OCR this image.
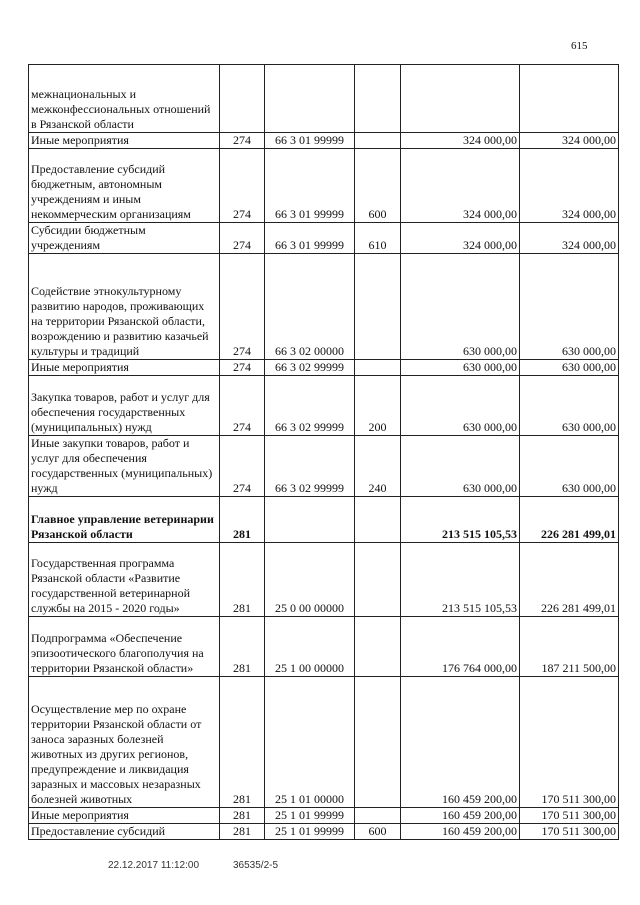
615
межнациональных и межконфессиональных отношений в Рязанской области					
Иные мероприятия	274	66 3 01 99999		324 000,00	324 000,00
Предоставление субсидий бюджетным, автономным учреждениям и иным некоммерческим организациям	274	66 3 01 99999	600	324 000,00	324 000,00
Субсидии бюджетным учреждениям	274	66 3 01 99999	610	324 000,00	324 000,00
Содействие этнокультурному развитию народов, проживающих на территории Рязанской области, возрождению и развитию казачьей культуры и традиций	274	66 3 02 00000		630 000,00	630 000,00
Иные мероприятия	274	66 3 02 99999		630 000,00	630 000,00
Закупка товаров, работ и услуг для обеспечения государственных (муниципальных) нужд	274	66 3 02 99999	200	630 000,00	630 000,00
Иные закупки товаров, работ и услуг для обеспечения государственных (муниципальных) нужд	274	66 3 02 99999	240	630 000,00	630 000,00
Главное управление ветеринарии Рязанской области	281			213 515 105,53	226 281 499,01
Государственная программа Рязанской области «Развитие государственной ветеринарной службы на 2015 - 2020 годы»	281	25 0 00 00000		213 515 105,53	226 281 499,01
Подпрограмма «Обеспечение эпизоотического благополучия на территории Рязанской области»	281	25 1 00 00000		176 764 000,00	187 211 500,00
Осуществление мер по охране территории Рязанской области от заноса заразных болезней животных из других регионов, предупреждение и ликвидация заразных и массовых незаразных болезней животных	281	25 1 01 00000		160 459 200,00	170 511 300,00
Иные мероприятия	281	25 1 01 99999		160 459 200,00	170 511 300,00
Предоставление субсидий	281	25 1 01 99999	600	160 459 200,00	170 511 300,00
22.12.2017 11:12:00	36535/2-5
